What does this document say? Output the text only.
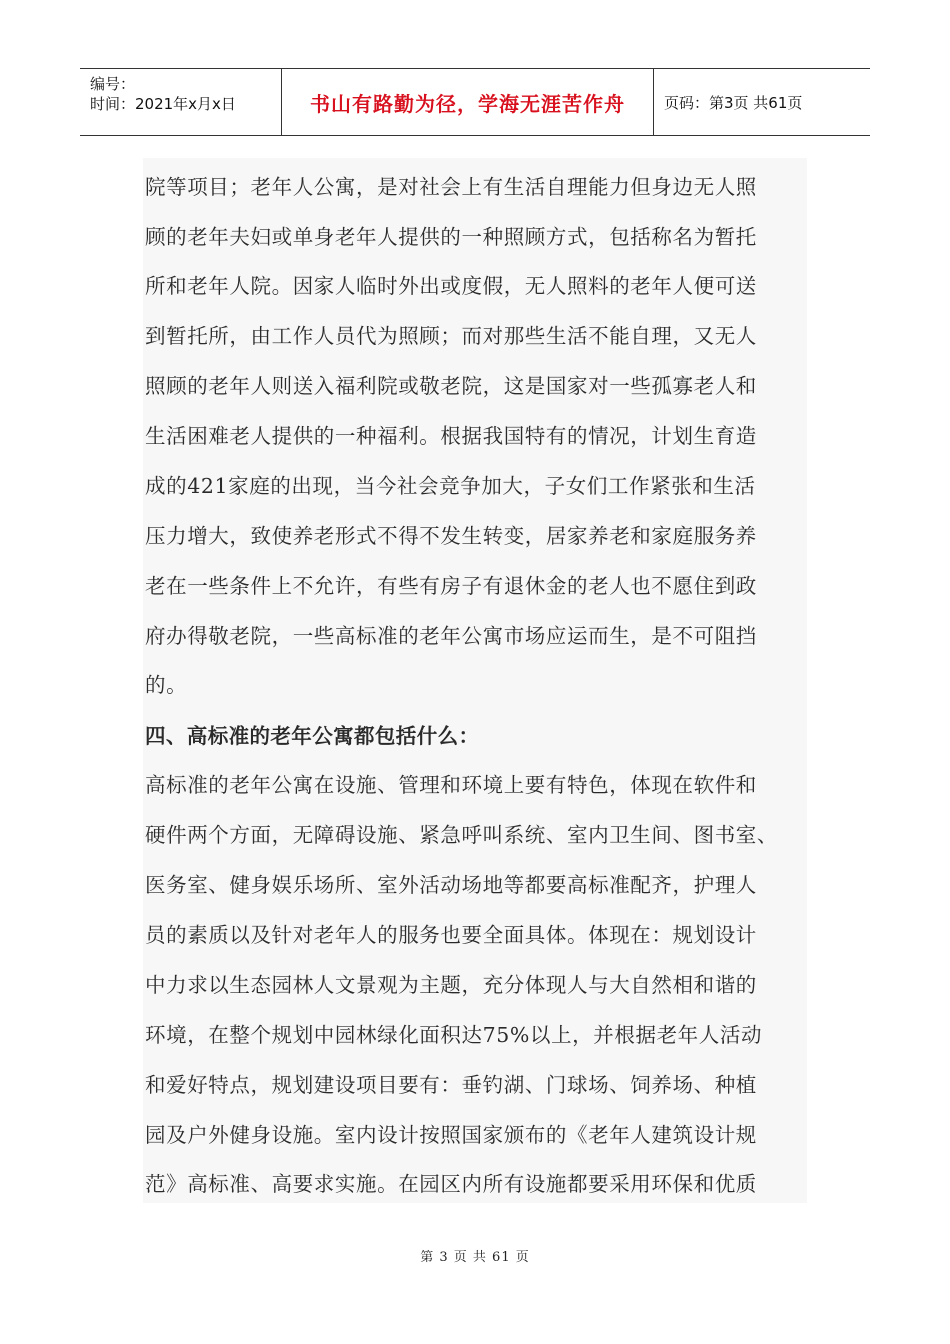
编号：
时间：2021年x月x日	书山有路勤为径，学海无涯苦作舟	页码：第3页 共61页
院等项目；老年人公寓，是对社会上有生活自理能力但身边无人照
顾的老年夫妇或单身老年人提供的一种照顾方式，包括称名为暂托
所和老年人院。因家人临时外出或度假，无人照料的老年人便可送
到暂托所，由工作人员代为照顾；而对那些生活不能自理，又无人
照顾的老年人则送入福利院或敬老院，这是国家对一些孤寡老人和
生活困难老人提供的一种福利。根据我国特有的情况，计划生育造
成的421家庭的出现，当今社会竞争加大，子女们工作紧张和生活
压力增大，致使养老形式不得不发生转变，居家养老和家庭服务养
老在一些条件上不允许，有些有房子有退休金的老人也不愿住到政
府办得敬老院，一些高标准的老年公寓市场应运而生，是不可阻挡
的。
四、高标准的老年公寓都包括什么：
高标准的老年公寓在设施、管理和环境上要有特色，体现在软件和
硬件两个方面，无障碍设施、紧急呼叫系统、室内卫生间、图书室、
医务室、健身娱乐场所、室外活动场地等都要高标准配齐，护理人
员的素质以及针对老年人的服务也要全面具体。体现在：规划设计
中力求以生态园林人文景观为主题，充分体现人与大自然相和谐的
环境，在整个规划中园林绿化面积达75%以上，并根据老年人活动
和爱好特点，规划建设项目要有：垂钓湖、门球场、饲养场、种植
园及户外健身设施。室内设计按照国家颁布的《老年人建筑设计规
范》高标准、高要求实施。在园区内所有设施都要采用环保和优质
第 3 页 共 61 页
